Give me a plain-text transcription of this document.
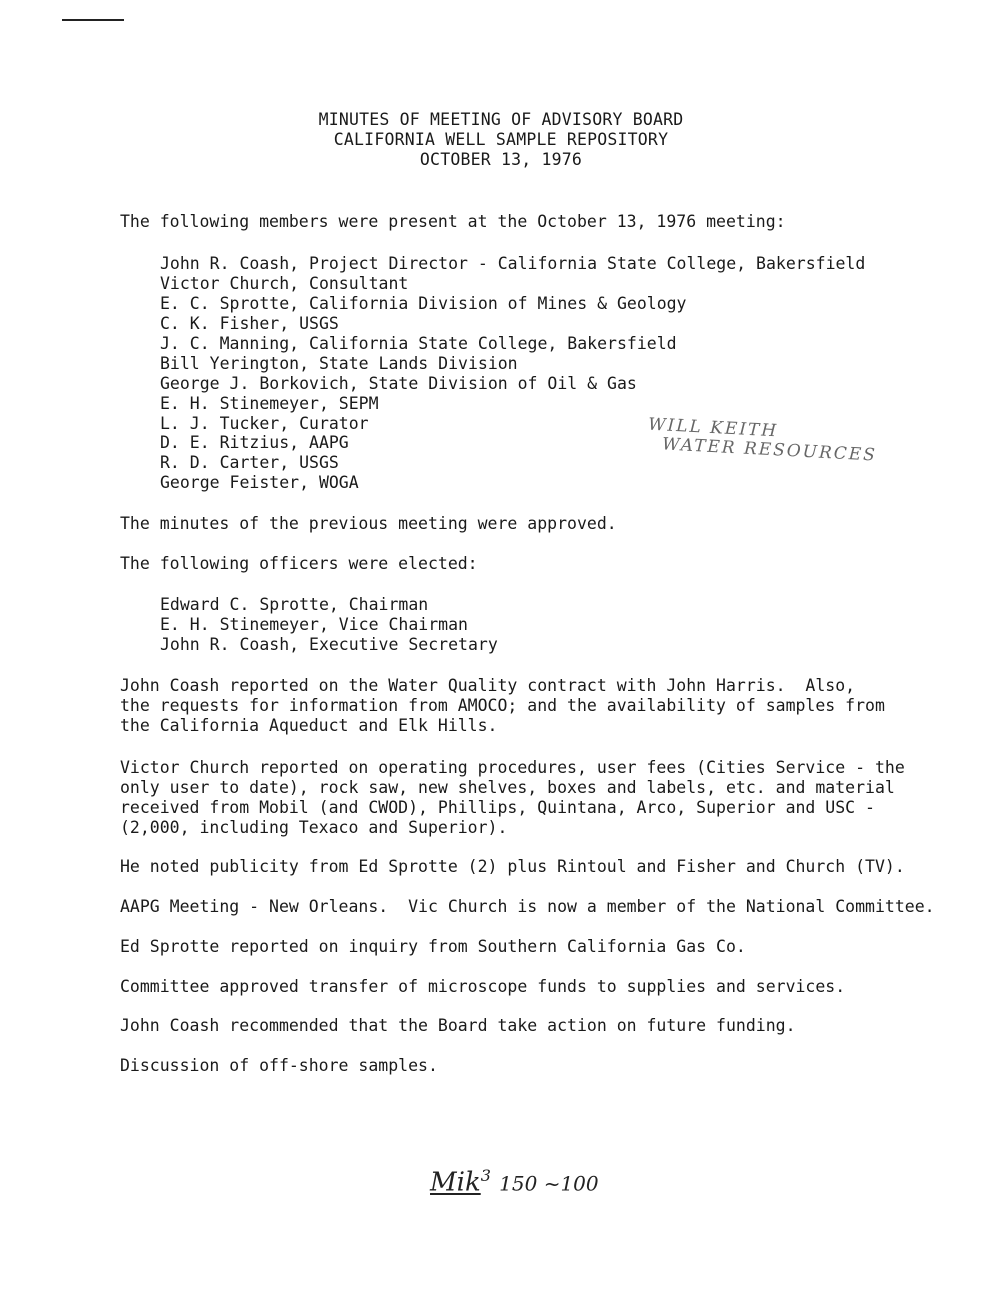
MINUTES OF MEETING OF ADVISORY BOARD
CALIFORNIA WELL SAMPLE REPOSITORY
OCTOBER 13, 1976
The following members were present at the October 13, 1976 meeting:
John R. Coash, Project Director - California State College, Bakersfield
Victor Church, Consultant
E. C. Sprotte, California Division of Mines & Geology
C. K. Fisher, USGS
J. C. Manning, California State College, Bakersfield
Bill Yerington, State Lands Division
George J. Borkovich, State Division of Oil & Gas
E. H. Stinemeyer, SEPM
L. J. Tucker, Curator
D. E. Ritzius, AAPG
R. D. Carter, USGS
George Feister, WOGA
WILL KEITH
WATER RESOURCES
The minutes of the previous meeting were approved.
The following officers were elected:
Edward C. Sprotte, Chairman
E. H. Stinemeyer, Vice Chairman
John R. Coash, Executive Secretary
John Coash reported on the Water Quality contract with John Harris.  Also,
the requests for information from AMOCO; and the availability of samples from
the California Aqueduct and Elk Hills.
Victor Church reported on operating procedures, user fees (Cities Service - the
only user to date), rock saw, new shelves, boxes and labels, etc. and material
received from Mobil (and CWOD), Phillips, Quintana, Arco, Superior and USC -
(2,000, including Texaco and Superior).
He noted publicity from Ed Sprotte (2) plus Rintoul and Fisher and Church (TV).
AAPG Meeting - New Orleans.  Vic Church is now a member of the National Committee.
Ed Sprotte reported on inquiry from Southern California Gas Co.
Committee approved transfer of microscope funds to supplies and services.
John Coash recommended that the Board take action on future funding.
Discussion of off-shore samples.
Mik$^3$ 150 ~100
